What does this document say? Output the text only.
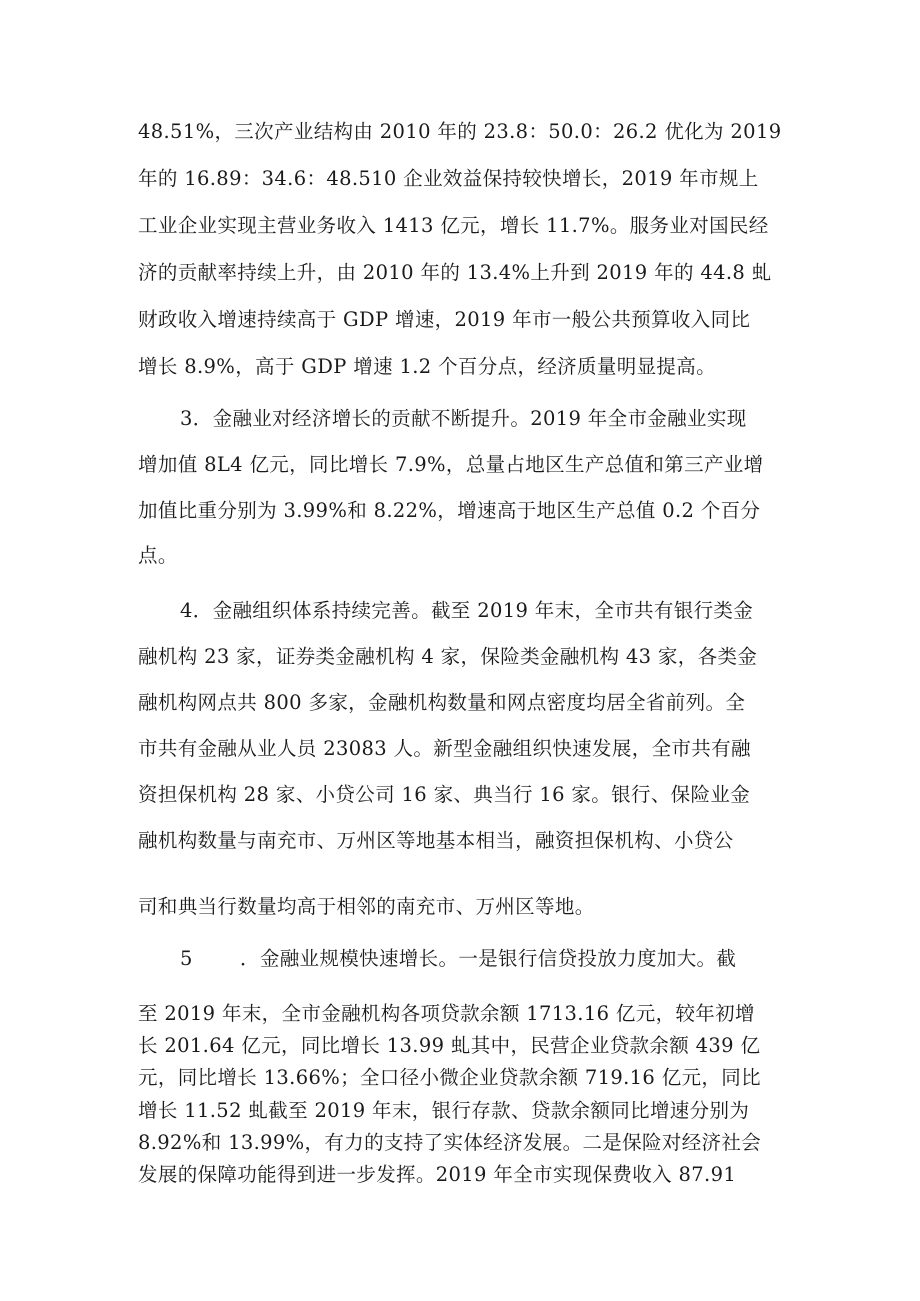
48.51%，三次产业结构由 2010 年的 23.8：50.0：26.2 优化为 2019
年的 16.89：34.6：48.510 企业效益保持较快增长，2019 年市规上
工业企业实现主营业务收入 1413 亿元，增长 11.7%。服务业对国民经
济的贡献率持续上升，由 2010 年的 13.4%上升到 2019 年的 44.8 虬
财政收入增速持续高于 GDP 增速，2019 年市一般公共预算收入同比
增长 8.9%，高于 GDP 增速 1.2 个百分点，经济质量明显提高。
3．金融业对经济增长的贡献不断提升。2019 年全市金融业实现
增加值 8L4 亿元，同比增长 7.9%，总量占地区生产总值和第三产业增
加值比重分别为 3.99%和 8.22%，增速高于地区生产总值 0.2 个百分
点。
4．金融组织体系持续完善。截至 2019 年末，全市共有银行类金
融机构 23 家，证券类金融机构 4 家，保险类金融机构 43 家，各类金
融机构网点共 800 多家，金融机构数量和网点密度均居全省前列。全
市共有金融从业人员 23083 人。新型金融组织快速发展，全市共有融
资担保机构 28 家、小贷公司 16 家、典当行 16 家。银行、保险业金
融机构数量与南充市、万州区等地基本相当，融资担保机构、小贷公
司和典当行数量均高于相邻的南充市、万州区等地。
5 ．金融业规模快速增长。一是银行信贷投放力度加大。截
至 2019 年末，全市金融机构各项贷款余额 1713.16 亿元，较年初增
长 201.64 亿元，同比增长 13.99 虬其中，民营企业贷款余额 439 亿
元，同比增长 13.66%；全口径小微企业贷款余额 719.16 亿元，同比
增长 11.52 虬截至 2019 年末，银行存款、贷款余额同比增速分别为
8.92%和 13.99%，有力的支持了实体经济发展。二是保险对经济社会
发展的保障功能得到进一步发挥。2019 年全市实现保费收入 87.91
